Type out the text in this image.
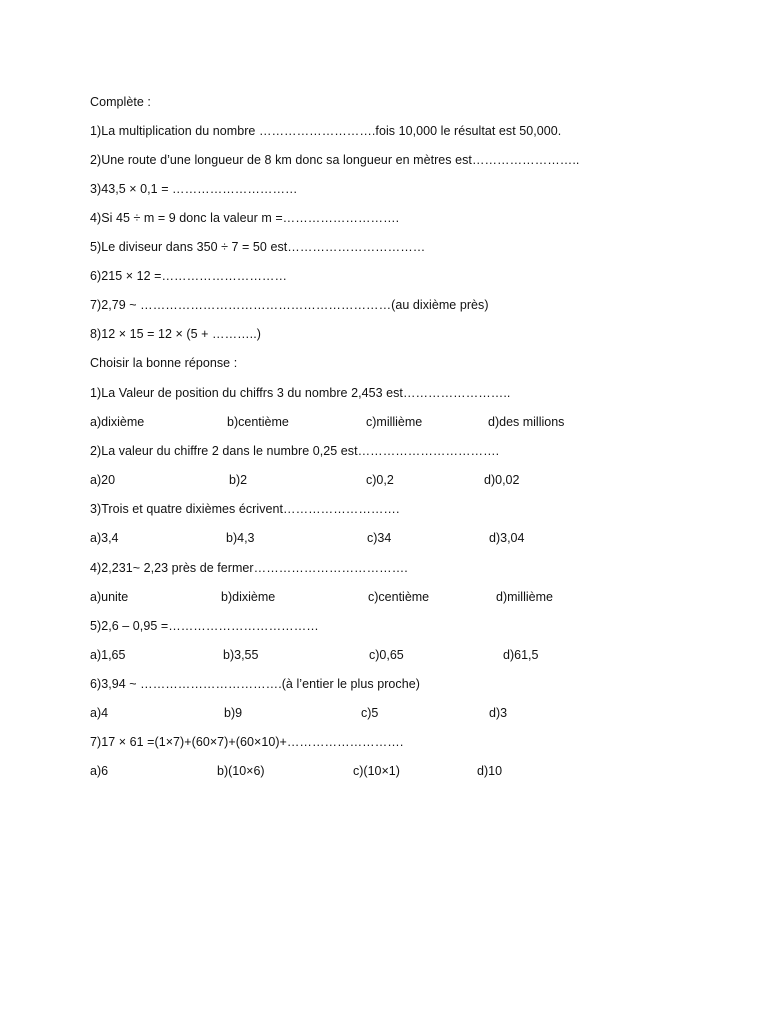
Complète :
1)La multiplication du nombre ……………………….fois 10,000 le résultat est 50,000.
2)Une route d’une longueur de 8 km donc sa longueur en mètres est……………………..
3)43,5 × 0,1 = …………………………
4)Si 45 ÷ m = 9 donc la valeur m =……………………….
5)Le diviseur dans 350 ÷ 7 = 50 est……………………………
6)215 × 12 =…………………………
7)2,79 ~ ……………………………………………………(au dixième près)
8)12 × 15 = 12 × (5 + ………..)
Choisir la bonne réponse :
1)La Valeur de position du chiffrs 3 du nombre 2,453 est……………………..
a)dixième	b)centième	c)millième	d)des millions
2)La valeur du chiffre 2 dans le numbre 0,25 est…………………………….
a)20	b)2	c)0,2	d)0,02
3)Trois et quatre dixièmes écrivent……………………….
a)3,4	b)4,3	c)34	d)3,04
4)2,231~ 2,23 près de fermer……………………………….
a)unite	b)dixième	c)centième	d)millième
5)2,6 – 0,95 =………………………………
a)1,65	b)3,55	c)0,65	d)61,5
6)3,94 ~ …………………………….(à l’entier le plus proche)
a)4	b)9	c)5	d)3
7)17 × 61 =(1×7)+(60×7)+(60×10)+……………………….
a)6	b)(10×6)	c)(10×1)	d)10
